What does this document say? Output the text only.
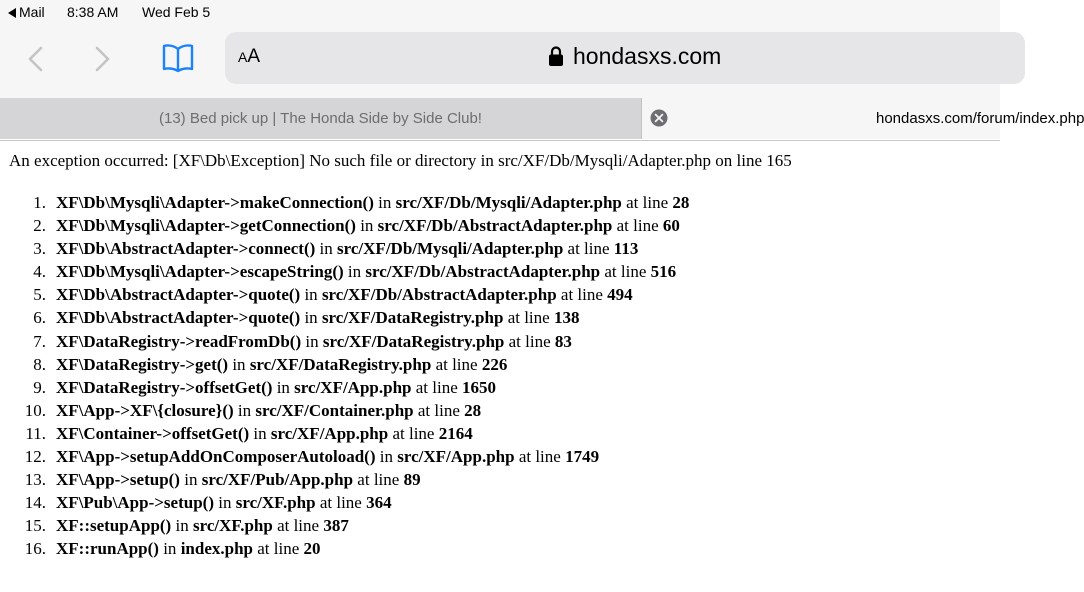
Mail 8:38 AM Wed Feb 5
AA	hondasxs.com
(13) Bed pick up | The Honda Side by Side Club!	hondasxs.com/forum/index.php

An exception occurred: [XF\Db\Exception] No such file or directory in src/XF/Db/Mysqli/Adapter.php on line 165

1. XF\Db\Mysqli\Adapter->makeConnection() in src/XF/Db/Mysqli/Adapter.php at line 28
2. XF\Db\Mysqli\Adapter->getConnection() in src/XF/Db/AbstractAdapter.php at line 60
3. XF\Db\AbstractAdapter->connect() in src/XF/Db/Mysqli/Adapter.php at line 113
4. XF\Db\Mysqli\Adapter->escapeString() in src/XF/Db/AbstractAdapter.php at line 516
5. XF\Db\AbstractAdapter->quote() in src/XF/Db/AbstractAdapter.php at line 494
6. XF\Db\AbstractAdapter->quote() in src/XF/DataRegistry.php at line 138
7. XF\DataRegistry->readFromDb() in src/XF/DataRegistry.php at line 83
8. XF\DataRegistry->get() in src/XF/DataRegistry.php at line 226
9. XF\DataRegistry->offsetGet() in src/XF/App.php at line 1650
10. XF\App->XF\{closure}() in src/XF/Container.php at line 28
11. XF\Container->offsetGet() in src/XF/App.php at line 2164
12. XF\App->setupAddOnComposerAutoload() in src/XF/App.php at line 1749
13. XF\App->setup() in src/XF/Pub/App.php at line 89
14. XF\Pub\App->setup() in src/XF.php at line 364
15. XF::setupApp() in src/XF.php at line 387
16. XF::runApp() in index.php at line 20
